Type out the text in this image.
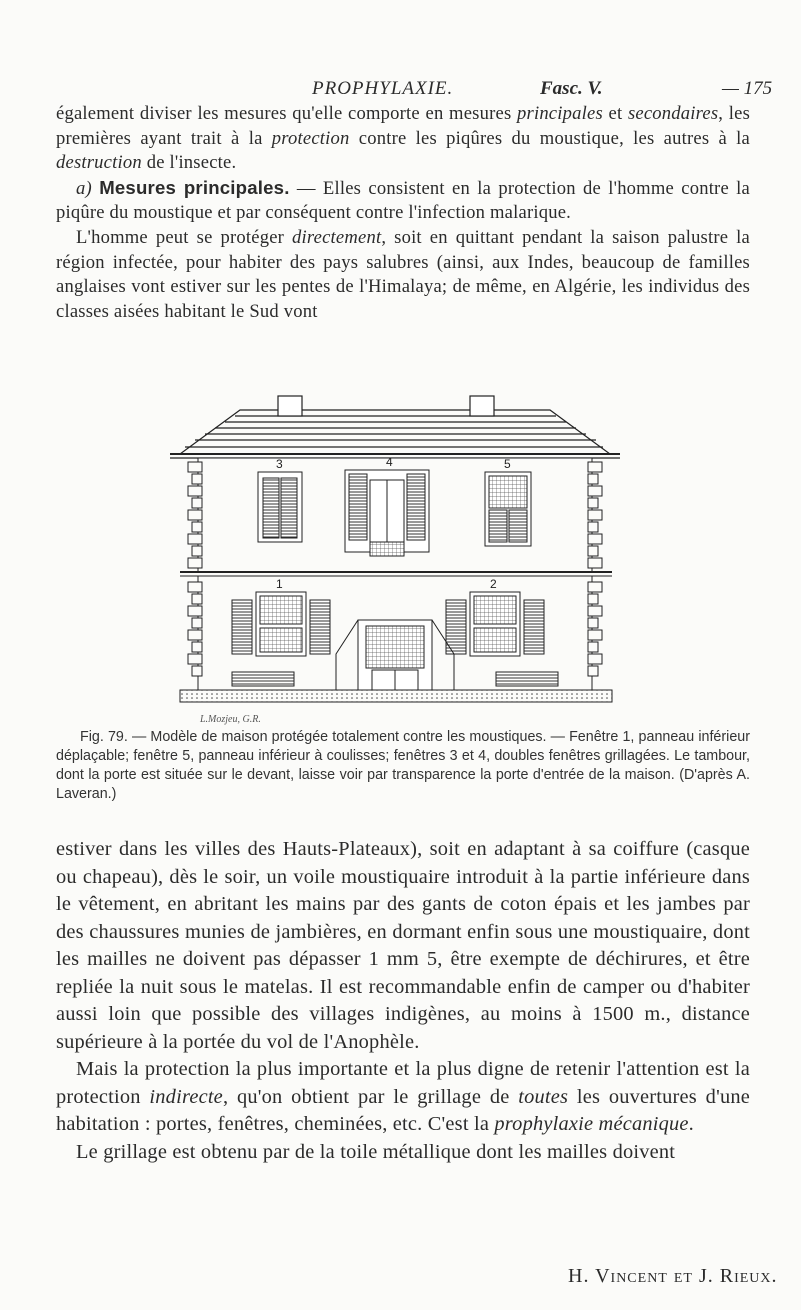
PROPHYLAXIE.	Fasc. V.	— 175

également diviser les mesures qu'elle comporte en mesures principales et secondaires, les premières ayant trait à la protection contre les piqûres du moustique, les autres à la destruction de l'insecte.

a) Mesures principales. — Elles consistent en la protection de l'homme contre la piqûre du moustique et par conséquent contre l'infection malarique.

L'homme peut se protéger directement, soit en quittant pendant la saison palustre la région infectée, pour habiter des pays salubres (ainsi, aux Indes, beaucoup de familles anglaises vont estiver sur les pentes de l'Himalaya; de même, en Algérie, les individus des classes aisées habitant le Sud vont

3	4	5
1	2
L.Mozjeu, G.R.
Fig. 79. — Modèle de maison protégée totalement contre les moustiques. — Fenêtre 1, panneau inférieur déplaçable; fenêtre 5, panneau inférieur à coulisses; fenêtres 3 et 4, doubles fenêtres grillagées. Le tambour, dont la porte est située sur le devant, laisse voir par transparence la porte d'entrée de la maison. (D'après A. Laveran.)

estiver dans les villes des Hauts-Plateaux), soit en adaptant à sa coiffure (casque ou chapeau), dès le soir, un voile moustiquaire introduit à la partie inférieure dans le vêtement, en abritant les mains par des gants de coton épais et les jambes par des chaussures munies de jambières, en dormant enfin sous une moustiquaire, dont les mailles ne doivent pas dépasser 1 mm 5, être exempte de déchirures, et être repliée la nuit sous le matelas. Il est recommandable enfin de camper ou d'habiter aussi loin que possible des villages indigènes, au moins à 1500 m., distance supérieure à la portée du vol de l'Anophèle.

Mais la protection la plus importante et la plus digne de retenir l'attention est la protection indirecte, qu'on obtient par le grillage de toutes les ouvertures d'une habitation : portes, fenêtres, cheminées, etc. C'est la prophylaxie mécanique.

Le grillage est obtenu par de la toile métallique dont les mailles doivent

H. Vincent et J. Rieux.
